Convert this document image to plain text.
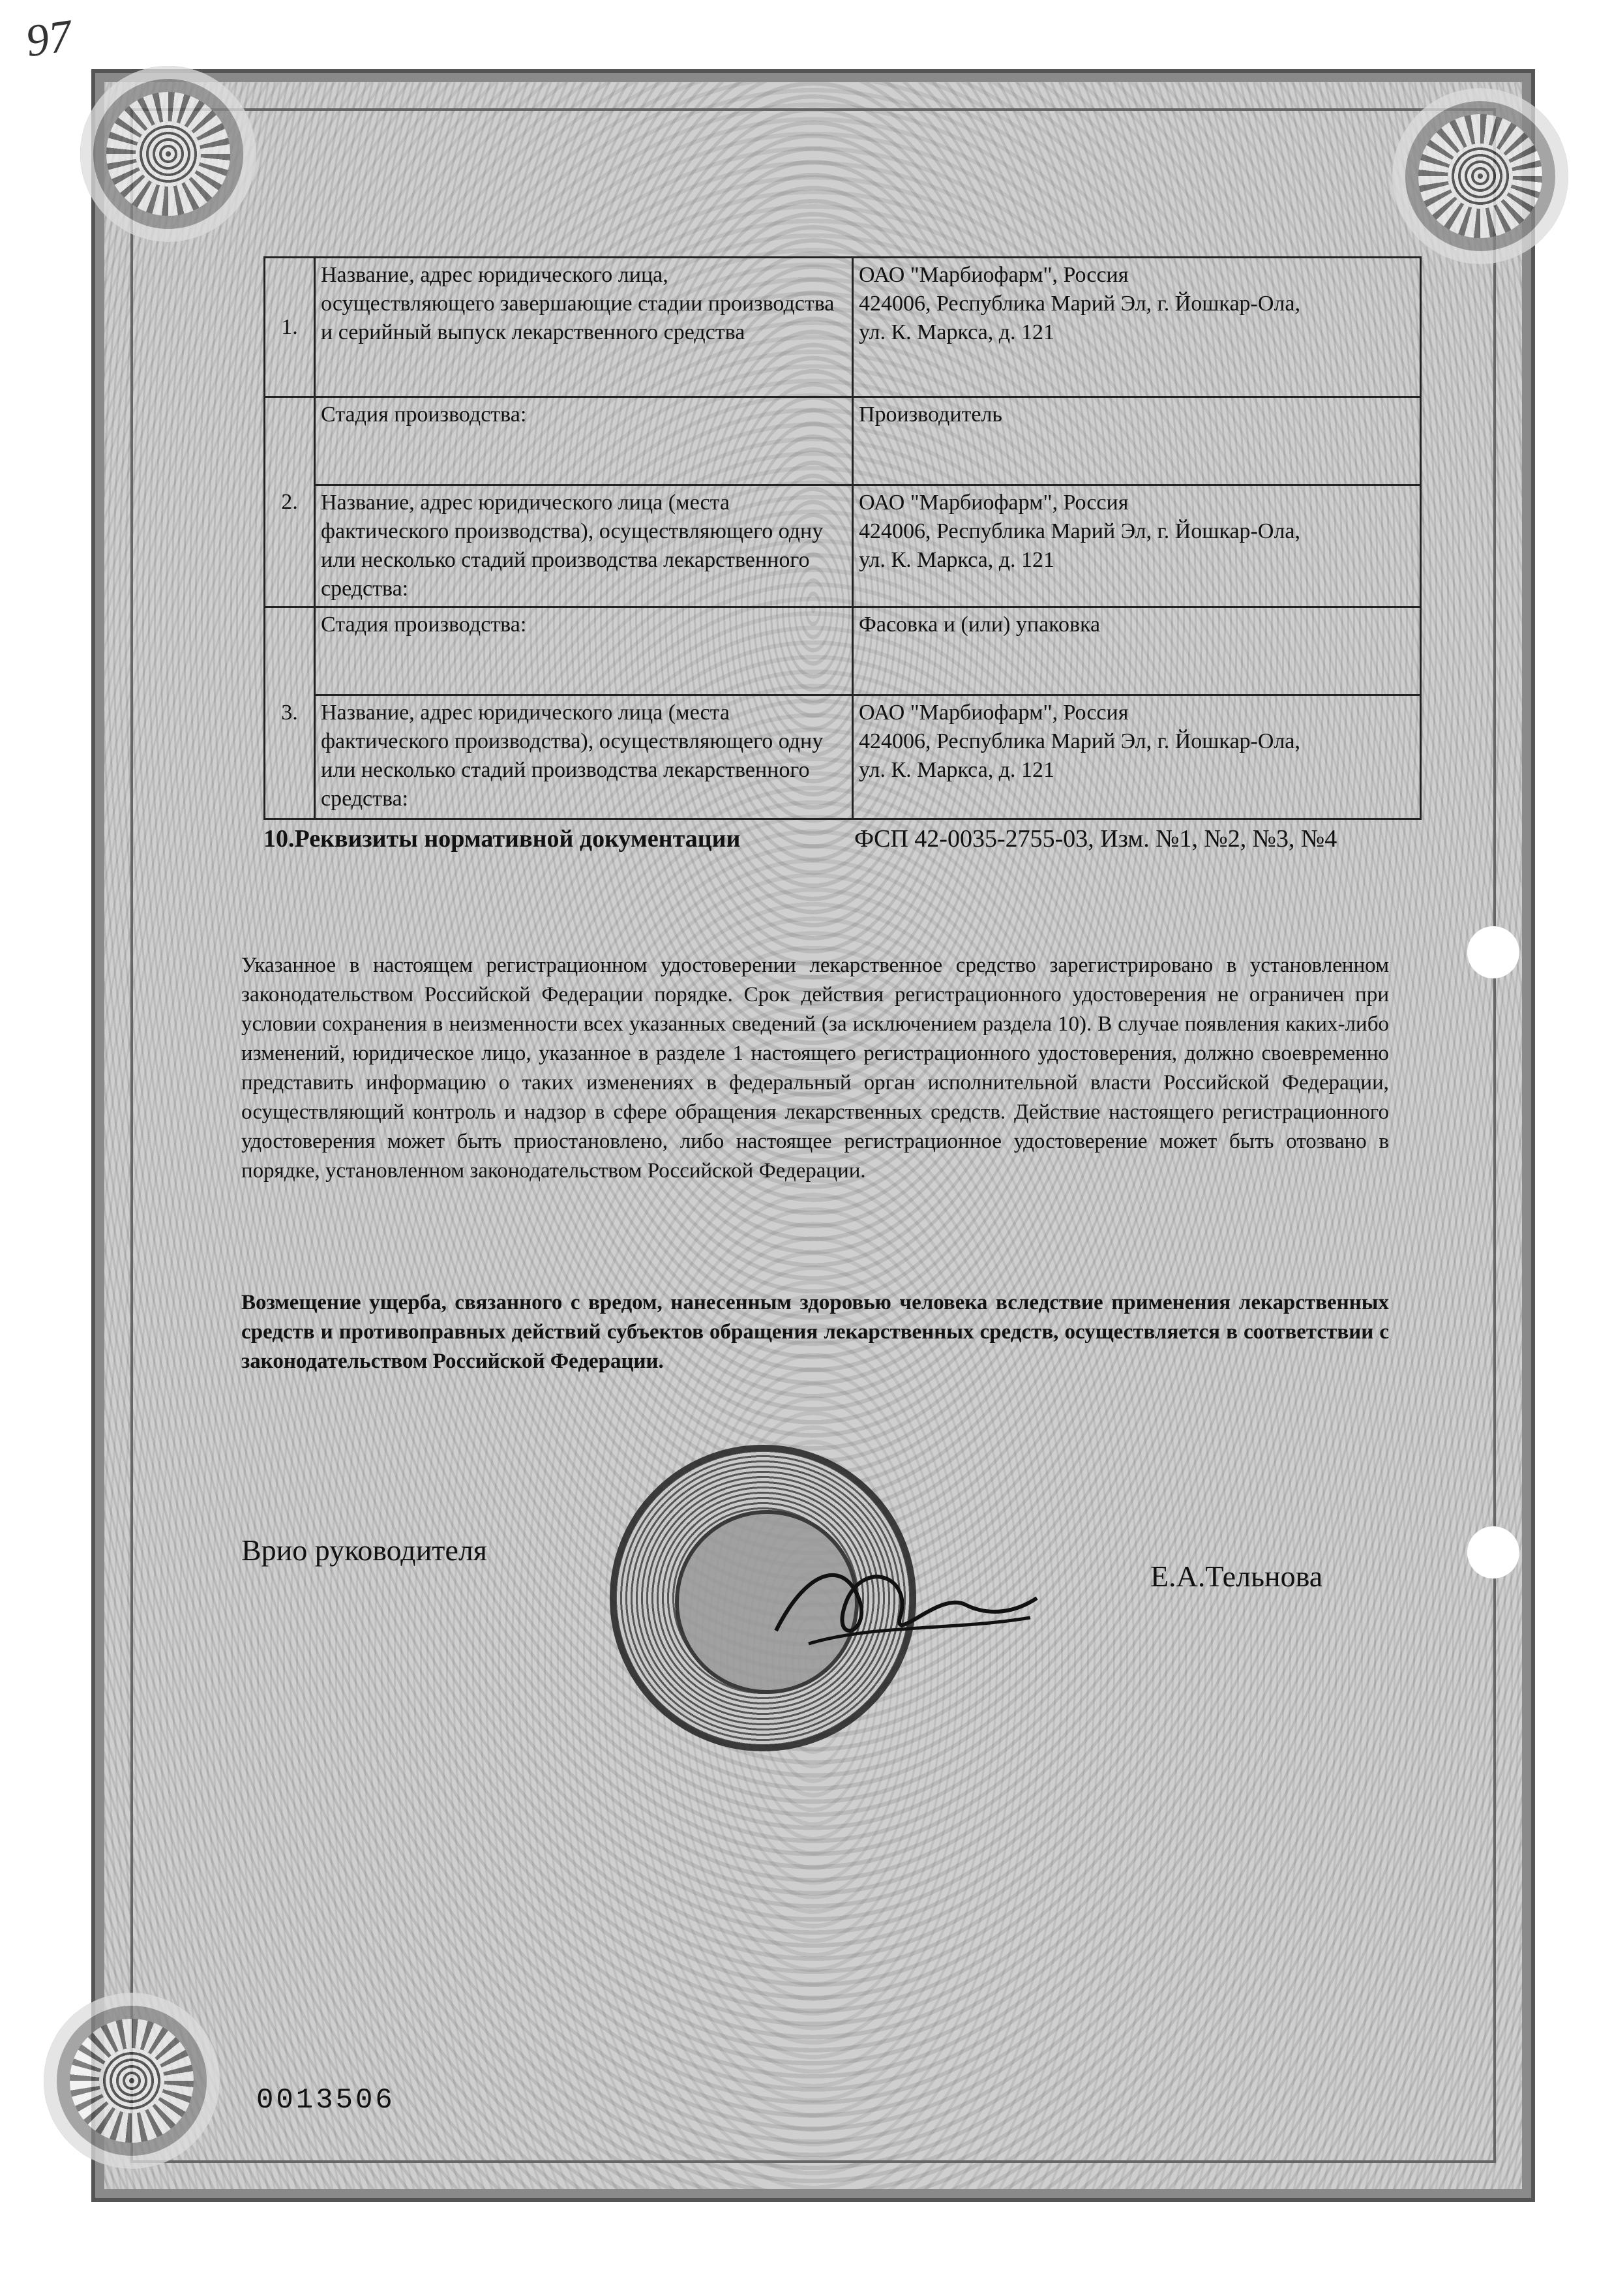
97
1.	Название, адрес юридического лица, осуществляющего завершающие стадии производства и серийный выпуск лекарственного средства	ОАО "Марбиофарм", Россия
424006, Республика Марий Эл, г. Йошкар-Ола,
ул. К. Маркса, д. 121

2.	Стадия производства:	Производитель

	Название, адрес юридического лица (места фактического производства), осуществляющего одну или несколько стадий производства лекарственного средства:	ОАО "Марбиофарм", Россия
424006, Республика Марий Эл, г. Йошкар-Ола,
ул. К. Маркса, д. 121

3.	Стадия производства:	Фасовка и (или) упаковка

	Название, адрес юридического лица (места фактического производства), осуществляющего одну или несколько стадий производства лекарственного средства:	ОАО "Марбиофарм", Россия
424006, Республика Марий Эл, г. Йошкар-Ола,
ул. К. Маркса, д. 121
10.Реквизиты нормативной документации	ФСП 42-0035-2755-03, Изм. №1, №2, №3, №4
Указанное в настоящем регистрационном удостоверении лекарственное средство зарегистрировано в установленном законодательством Российской Федерации порядке. Срок действия регистрационного удостоверения не ограничен при условии сохранения в неизменности всех указанных сведений (за исключением раздела 10). В случае появления каких-либо изменений, юридическое лицо, указанное в разделе 1 настоящего регистрационного удостоверения, должно своевременно представить информацию о таких изменениях в федеральный орган исполнительной власти Российской Федерации, осуществляющий контроль и надзор в сфере обращения лекарственных средств. Действие настоящего регистрационного удостоверения может быть приостановлено, либо настоящее регистрационное удостоверение может быть отозвано в порядке, установленном законодательством Российской Федерации.
Возмещение ущерба, связанного с вредом, нанесенным здоровью человека вследствие применения лекарственных средств и противоправных действий субъектов обращения лекарственных средств, осуществляется в соответствии с законодательством Российской Федерации.
Врио руководителя
Е.А.Тельнова
0013506
